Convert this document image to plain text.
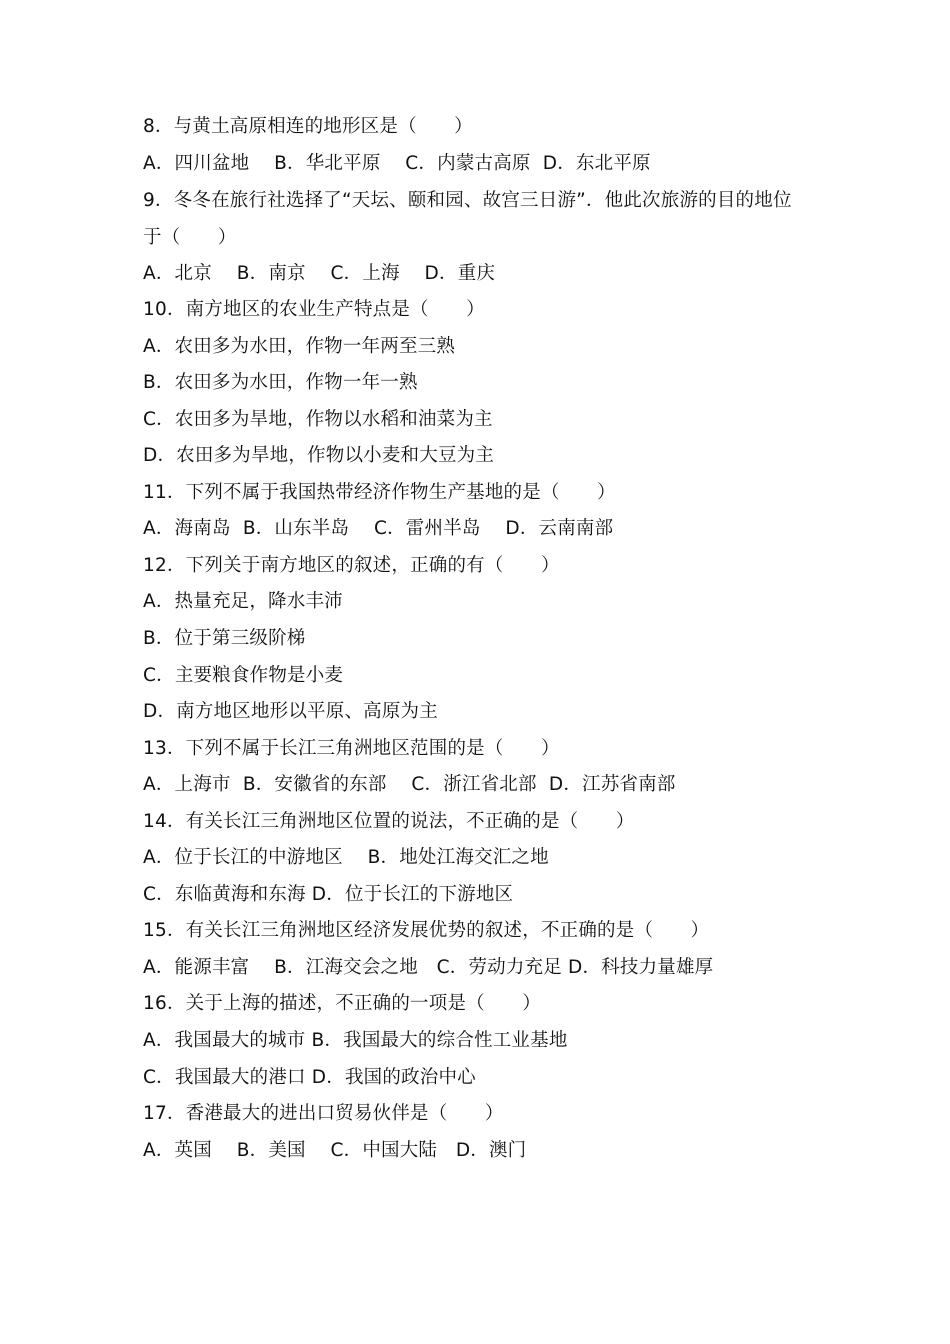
8．与黄土高原相连的地形区是（　　）
A．四川盆地　 B．华北平原　 C．内蒙古高原  D．东北平原
9．冬冬在旅行社选择了“天坛、颐和园、故宫三日游”．他此次旅游的目的地位
于（　　）
A．北京　 B．南京　 C．上海　 D．重庆
10．南方地区的农业生产特点是（　　）
A．农田多为水田，作物一年两至三熟
B．农田多为水田，作物一年一熟
C．农田多为旱地，作物以水稻和油菜为主
D．农田多为旱地，作物以小麦和大豆为主
11．下列不属于我国热带经济作物生产基地的是（　　）
A．海南岛  B．山东半岛　 C．雷州半岛　 D．云南南部
12．下列关于南方地区的叙述，正确的有（　　）
A．热量充足，降水丰沛
B．位于第三级阶梯
C．主要粮食作物是小麦
D．南方地区地形以平原、高原为主
13．下列不属于长江三角洲地区范围的是（　　）
A．上海市  B．安徽省的东部　 C．浙江省北部  D．江苏省南部
14．有关长江三角洲地区位置的说法，不正确的是（　　）
A．位于长江的中游地区　 B．地处江海交汇之地
C．东临黄海和东海 D．位于长江的下游地区
15．有关长江三角洲地区经济发展优势的叙述，不正确的是（　　）
A．能源丰富　 B．江海交会之地　C．劳动力充足 D．科技力量雄厚
16．关于上海的描述，不正确的一项是（　　）
A．我国最大的城市 B．我国最大的综合性工业基地
C．我国最大的港口 D．我国的政治中心
17．香港最大的进出口贸易伙伴是（　　）
A．英国　 B．美国　 C．中国大陆　D．澳门
